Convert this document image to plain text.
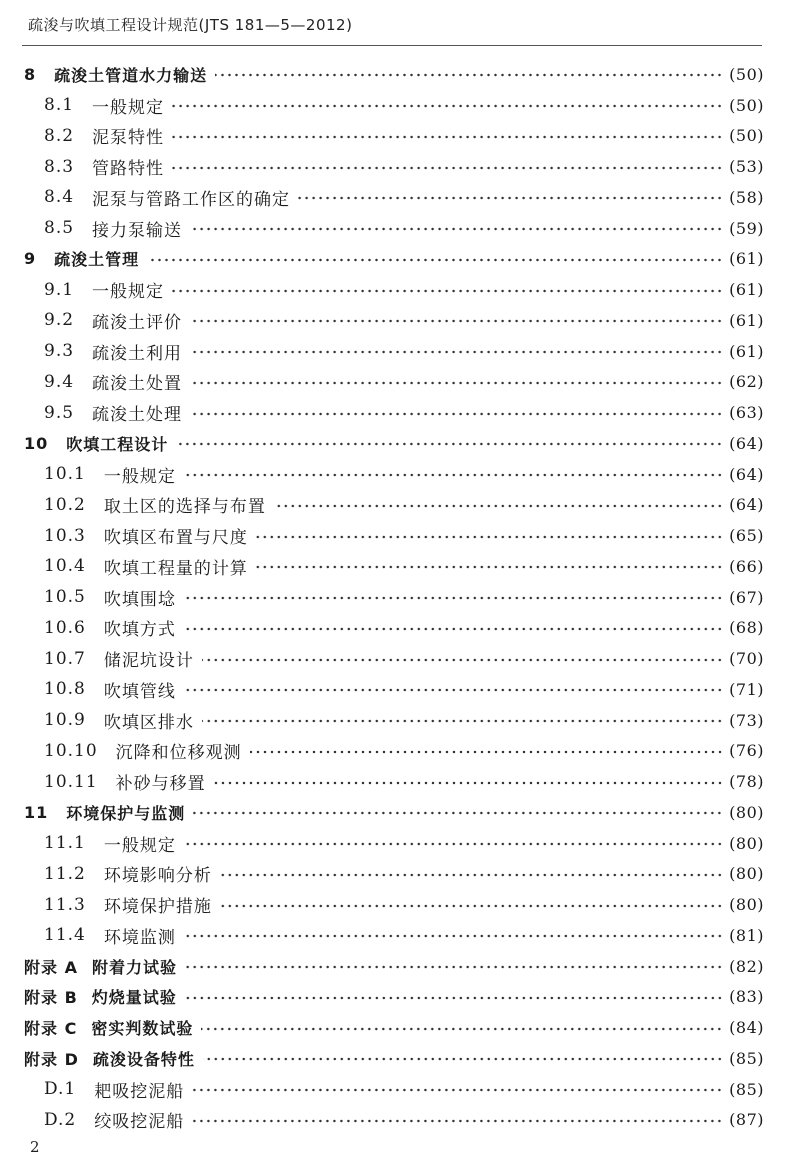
疏浚与吹填工程设计规范(JTS 181—5—2012)
8 疏浚土管道水力输送	(50)
8.1 一般规定	(50)
8.2 泥泵特性	(50)
8.3 管路特性	(53)
8.4 泥泵与管路工作区的确定	(58)
8.5 接力泵输送	(59)
9 疏浚土管理	(61)
9.1 一般规定	(61)
9.2 疏浚土评价	(61)
9.3 疏浚土利用	(61)
9.4 疏浚土处置	(62)
9.5 疏浚土处理	(63)
10 吹填工程设计	(64)
10.1 一般规定	(64)
10.2 取土区的选择与布置	(64)
10.3 吹填区布置与尺度	(65)
10.4 吹填工程量的计算	(66)
10.5 吹填围埝	(67)
10.6 吹填方式	(68)
10.7 储泥坑设计	(70)
10.8 吹填管线	(71)
10.9 吹填区排水	(73)
10.10 沉降和位移观测	(76)
10.11 补砂与移置	(78)
11 环境保护与监测	(80)
11.1 一般规定	(80)
11.2 环境影响分析	(80)
11.3 环境保护措施	(80)
11.4 环境监测	(81)
附录 A 附着力试验	(82)
附录 B 灼烧量试验	(83)
附录 C 密实判数试验	(84)
附录 D 疏浚设备特性	(85)
D.1 耙吸挖泥船	(85)
D.2 绞吸挖泥船	(87)
2
